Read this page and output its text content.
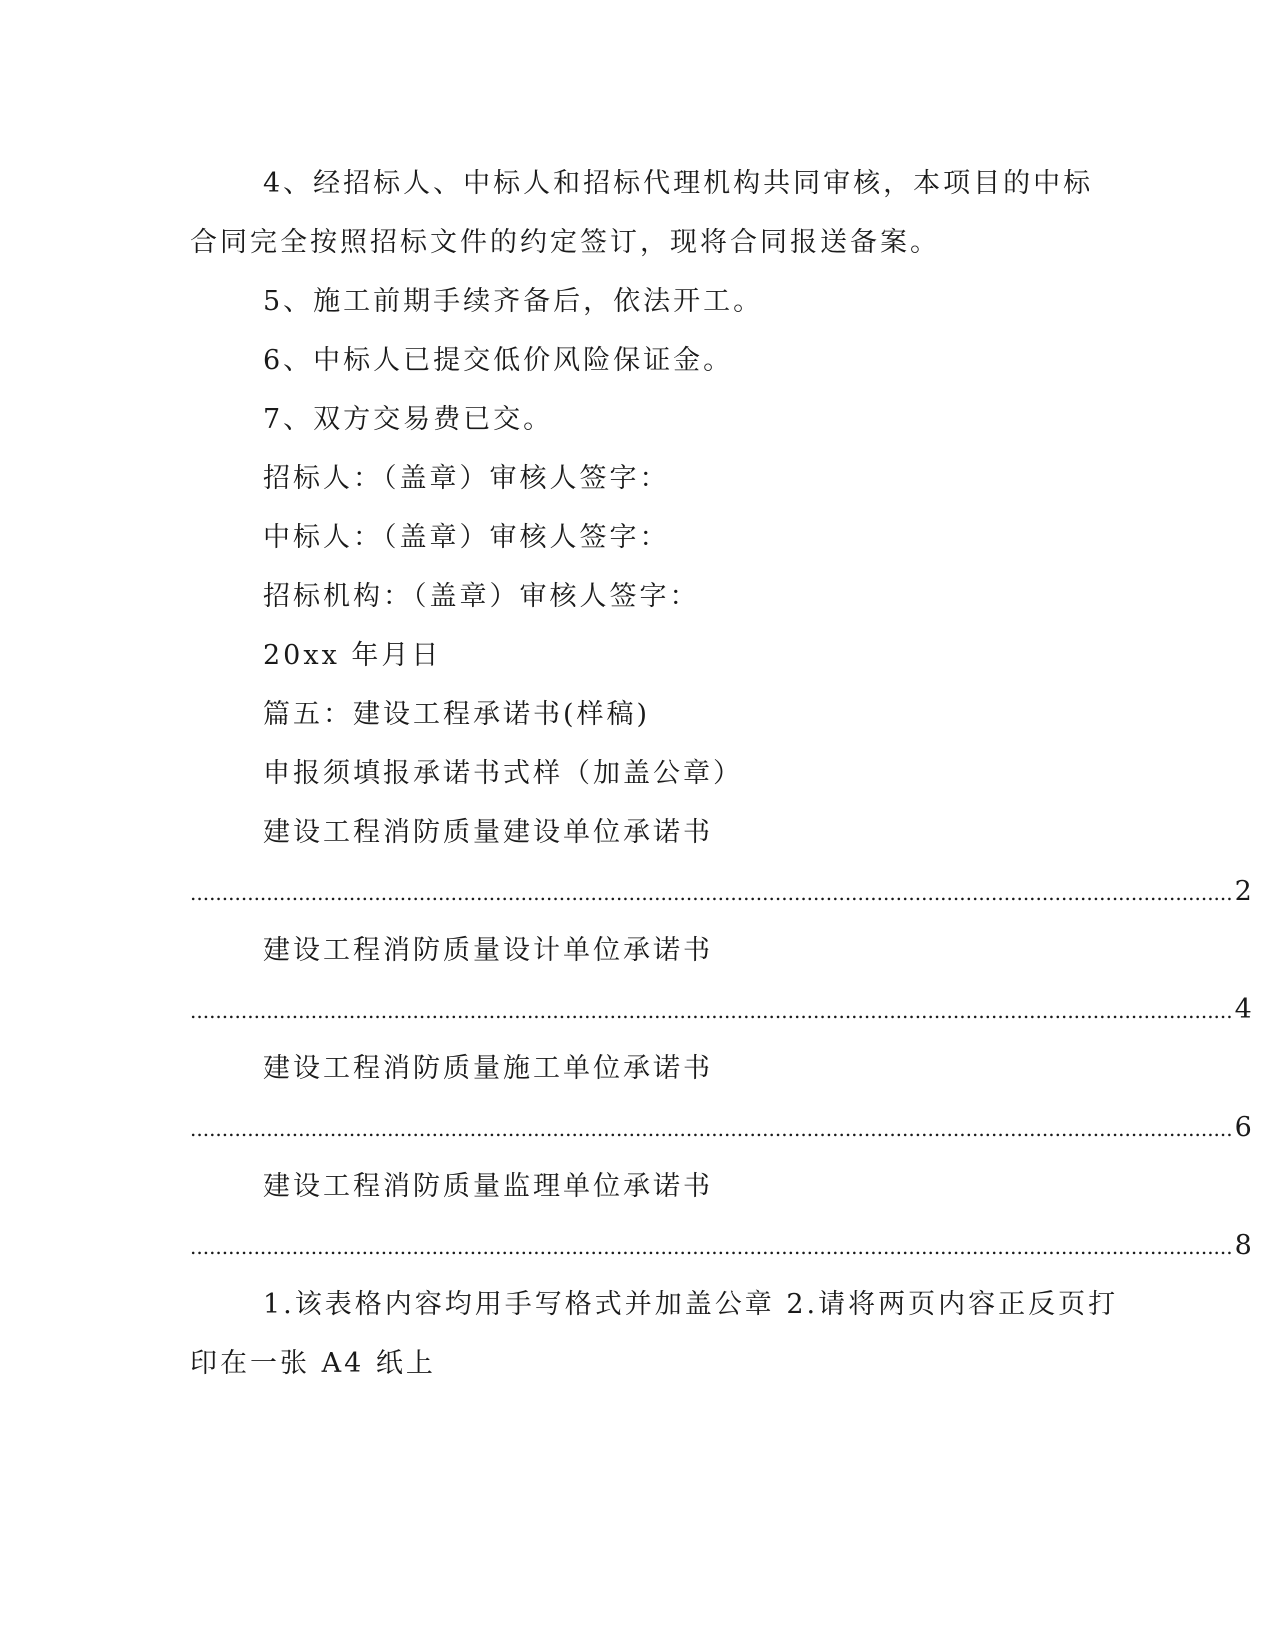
4、经招标人、中标人和招标代理机构共同审核，本项目的中标
合同完全按照招标文件的约定签订，现将合同报送备案。
5、施工前期手续齐备后，依法开工。
6、中标人已提交低价风险保证金。
7、双方交易费已交。
招标人：（盖章）审核人签字：
中标人：（盖章）审核人签字：
招标机构：（盖章）审核人签字：
20xx 年月日
篇五：建设工程承诺书(样稿)
申报须填报承诺书式样（加盖公章）
建设工程消防质量建设单位承诺书
.................................................................................................................................................................... 2
建设工程消防质量设计单位承诺书
.................................................................................................................................................................... 4
建设工程消防质量施工单位承诺书
.................................................................................................................................................................... 6
建设工程消防质量监理单位承诺书
.................................................................................................................................................................... 8
1.该表格内容均用手写格式并加盖公章 2.请将两页内容正反页打
印在一张 A4 纸上
